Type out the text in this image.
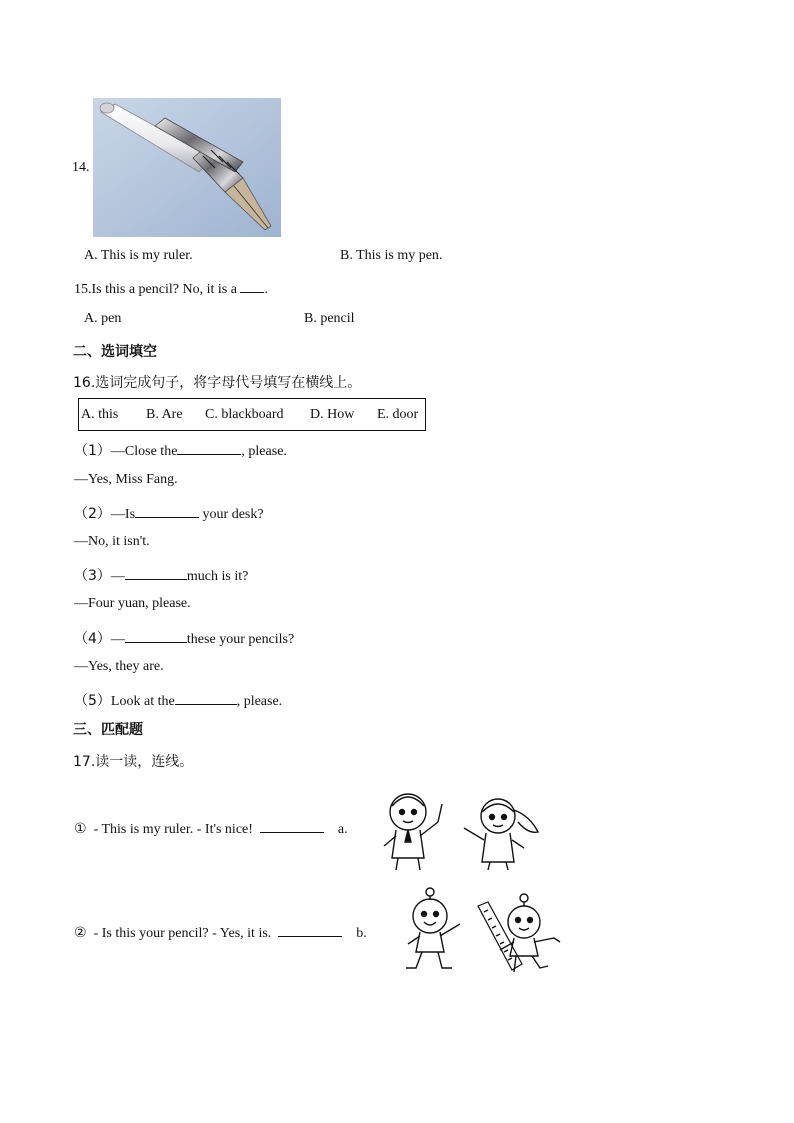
14.
A. This is my ruler.	B. This is my pen.
15.Is this a pencil? No, it is a .
A. pen	B. pencil
二、选词填空
16.选词完成句子，将字母代号填写在横线上。
A. this B. Are C. blackboard D. How E. door
（1）—Close the	, please.
—Yes, Miss Fang.
（2）—Is	your desk?
—No, it isn't.
（3）—	much is it?
—Four yuan, please.
（4）—	these your pencils?
—Yes, they are.
（5）Look at the	, please.
三、匹配题
17.读一读，连线。
① - This is my ruler. - It's nice!	a.
② - Is this your pencil? - Yes, it is.	b.
